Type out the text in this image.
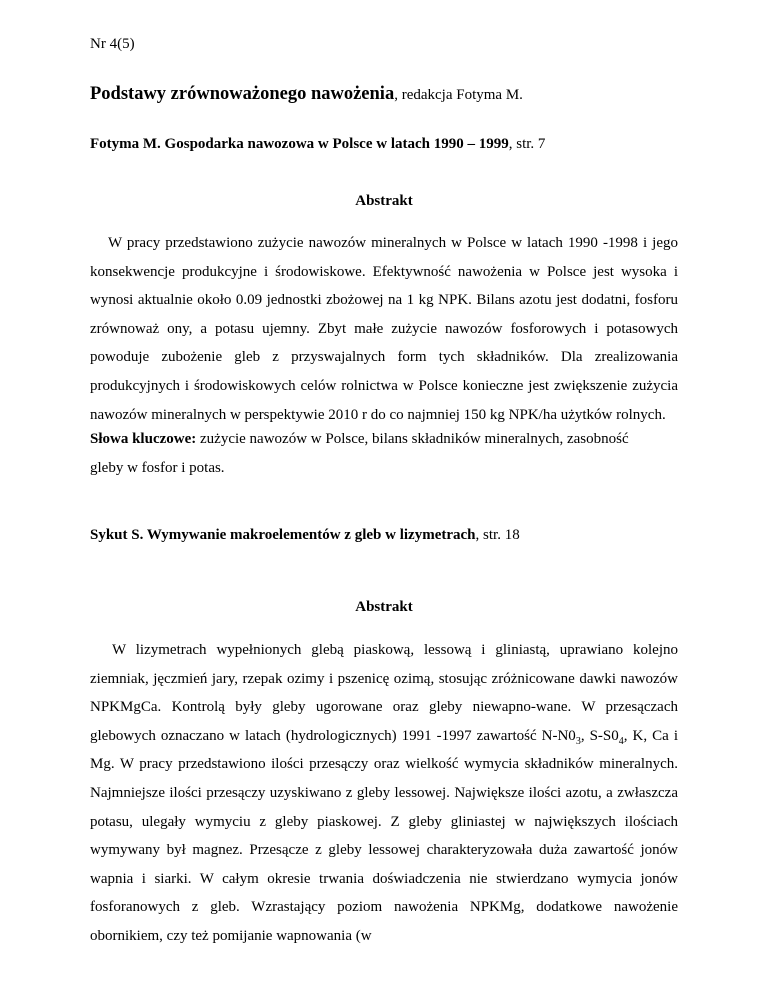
Nr 4(5)
Podstawy zrównoważonego nawożenia, redakcja Fotyma M.
Fotyma M. Gospodarka nawozowa w Polsce w latach 1990 – 1999, str. 7
Abstrakt

W pracy przedstawiono zużycie nawozów mineralnych w Polsce w latach 1990 -1998 i jego konsekwencje produkcyjne i środowiskowe. Efektywność nawożenia w Polsce jest wysoka i wynosi aktualnie około 0.09 jednostki zbożowej na 1 kg NPK. Bilans azotu jest dodatni, fosforu zrównoważ ony, a potasu ujemny. Zbyt małe zużycie nawozów fosforowych i potasowych powoduje zubożenie gleb z przyswajalnych form tych składników. Dla zrealizowania produkcyjnych i środowiskowych celów rolnictwa w Polsce konieczne jest zwiększenie zużycia nawozów mineralnych w perspektywie 2010 r do co najmniej 150 kg NPK/ha użytków rolnych.

Słowa kluczowe: zużycie nawozów w Polsce, bilans składników mineralnych, zasobność
gleby w fosfor i potas.
Sykut S. Wymywanie makroelementów z gleb w lizymetrach, str. 18
Abstrakt

W lizymetrach wypełnionych glebą piaskową, lessową i gliniastą, uprawiano kolejno ziemniak, jęczmień jary, rzepak ozimy i pszenicę ozimą, stosując zróżnicowane dawki nawozów NPKMgCa. Kontrolą były gleby ugorowane oraz gleby niewapno-wane. W przesączach glebowych oznaczano w latach (hydrologicznych) 1991 -1997 zawartość $N-N0_3$, $S-S0_4$, K, Ca i Mg. W pracy przedstawiono ilości przesączy oraz wielkość wymycia składników mineralnych. Najmniejsze ilości przesączy uzyskiwano z gleby lessowej. Największe ilości azotu, a zwłaszcza potasu, ulegały wymyciu z gleby piaskowej. Z gleby gliniastej w największych ilościach wymywany był magnez. Przesącze z gleby lessowej charakteryzowała duża zawartość jonów wapnia i siarki. W całym okresie trwania doświadczenia nie stwierdzano wymycia jonów fosforanowych z gleb. Wzrastający poziom nawożenia NPKMg, dodatkowe nawożenie obornikiem, czy też pomijanie wapnowania (w
